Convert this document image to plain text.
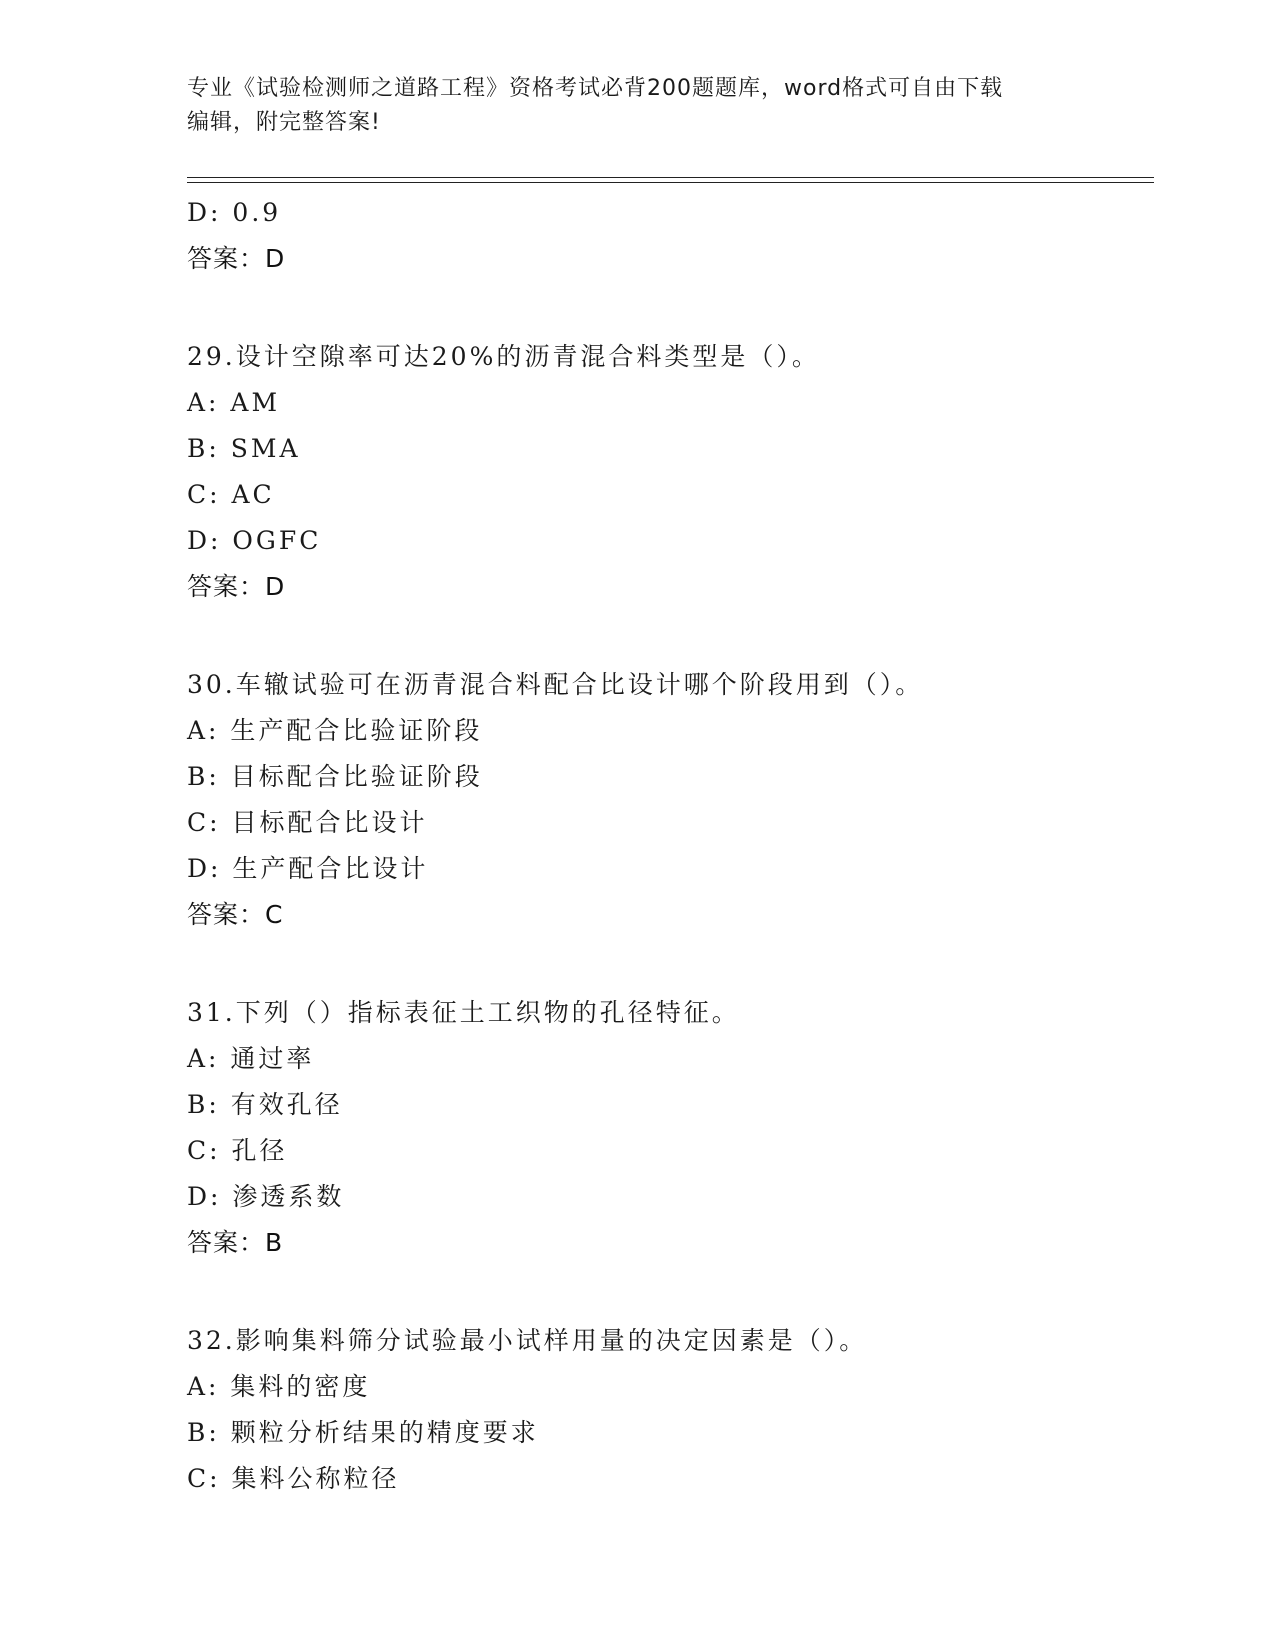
专业《试验检测师之道路工程》资格考试必背200题题库，word格式可自由下载
编辑，附完整答案!
D: 0.9
答案：D
29.设计空隙率可达20%的沥青混合料类型是（）。
A: AM
B: SMA
C: AC
D: OGFC
答案：D
30.车辙试验可在沥青混合料配合比设计哪个阶段用到（）。
A: 生产配合比验证阶段
B: 目标配合比验证阶段
C: 目标配合比设计
D: 生产配合比设计
答案：C
31.下列（）指标表征土工织物的孔径特征。
A: 通过率
B: 有效孔径
C: 孔径
D: 渗透系数
答案：B
32.影响集料筛分试验最小试样用量的决定因素是（）。
A: 集料的密度
B: 颗粒分析结果的精度要求
C: 集料公称粒径
